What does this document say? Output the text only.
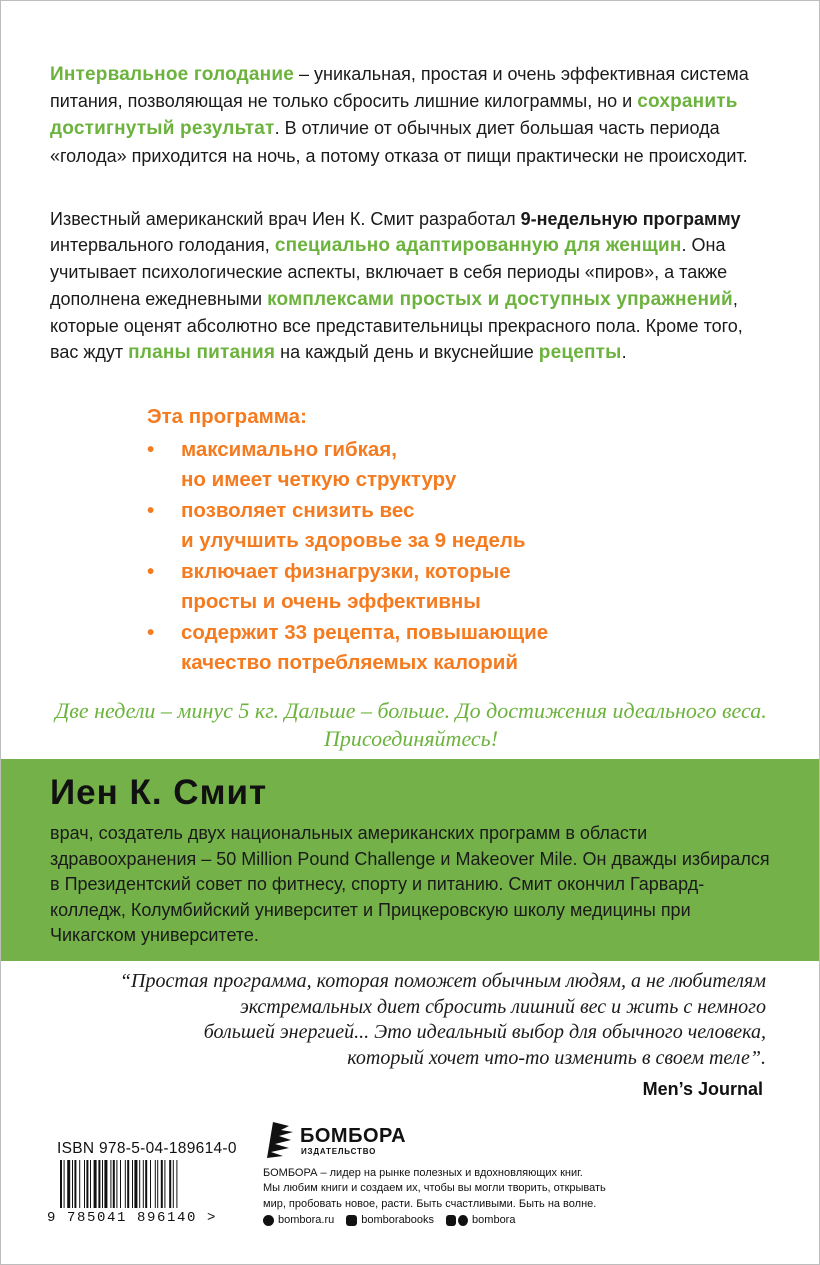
Интервальное голодание – уникальная, простая и очень эффективная система питания, позволяющая не только сбросить лишние килограммы, но и сохранить достигнутый результат. В отличие от обычных диет большая часть периода «голода» приходится на ночь, а потому отказа от пищи практически не происходит.

Известный американский врач Иен К. Смит разработал 9-недельную программу интервального голодания, специально адаптированную для женщин. Она учитывает психологические аспекты, включает в себя периоды «пиров», а также дополнена ежедневными комплексами простых и доступных упражнений, которые оценят абсолютно все представительницы прекрасного пола. Кроме того, вас ждут планы питания на каждый день и вкуснейшие рецепты.

Эта программа:
• максимально гибкая,
но имеет четкую структуру
• позволяет снизить вес
и улучшить здоровье за 9 недель
• включает физнагрузки, которые
просты и очень эффективны
• содержит 33 рецепта, повышающие
качество потребляемых калорий
Две недели – минус 5 кг. Дальше – больше. До достижения идеального веса.
Присоединяйтесь!
Иен К. Смит

врач, создатель двух национальных американских программ в области здравоохранения – 50 Million Pound Challenge и Makeover Mile. Он дважды избирался в Президентский совет по фитнесу, спорту и питанию. Смит окончил Гарвард-колледж, Колумбийский университет и Прицкеровскую школу медицины при Чикагском университете.

“Простая программа, которая поможет обычным людям, а не любителям
экстремальных диет сбросить лишний вес и жить с немного
большей энергией... Это идеальный выбор для обычного человека,
который хочет что-то изменить в своем теле”.
Men’s Journal
ISBN 978-5-04-189614-0
9 785041 896140 >
БОМБОРА
ИЗДАТЕЛЬСТВО
БОМБОРА – лидер на рынке полезных и вдохновляющих книг.
Мы любим книги и создаем их, чтобы вы могли творить, открывать
мир, пробовать новое, расти. Быть счастливыми. Быть на волне.
bombora.ru bomborabooks	bombora
